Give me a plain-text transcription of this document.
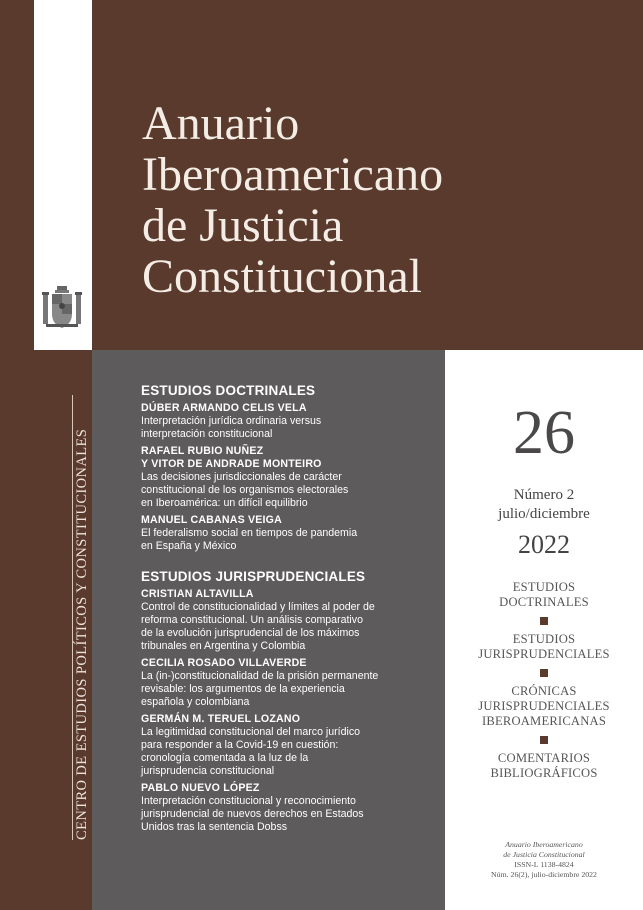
Anuario
Iberoamericano
de Justicia
Constitucional
CENTRO DE ESTUDIOS POLÍTICOS Y CONSTITUCIONALES
ESTUDIOS DOCTRINALES
DÚBER ARMANDO CELIS VELA
Interpretación jurídica ordinaria versus
interpretación constitucional
RAFAEL RUBIO NUÑEZ
Y VITOR DE ANDRADE MONTEIRO
Las decisiones jurisdiccionales de carácter
constitucional de los organismos electorales
en Iberoamérica: un difícil equilibrio
MANUEL CABANAS VEIGA
El federalismo social en tiempos de pandemia
en España y México
ESTUDIOS JURISPRUDENCIALES
CRISTIAN ALTAVILLA
Control de constitucionalidad y límites al poder de
reforma constitucional. Un análisis comparativo
de la evolución jurisprudencial de los máximos
tribunales en Argentina y Colombia
CECILIA ROSADO VILLAVERDE
La (in-)constitucionalidad de la prisión permanente
revisable: los argumentos de la experiencia
española y colombiana
GERMÁN M. TERUEL LOZANO
La legitimidad constitucional del marco jurídico
para responder a la Covid-19 en cuestión:
cronología comentada a la luz de la
jurisprudencia constitucional
PABLO NUEVO LÓPEZ
Interpretación constitucional y reconocimiento
jurisprudencial de nuevos derechos en Estados
Unidos tras la sentencia Dobss
26
Número 2
julio/diciembre
2022
ESTUDIOS
DOCTRINALES
ESTUDIOS
JURISPRUDENCIALES
CRÓNICAS
JURISPRUDENCIALES
IBEROAMERICANAS
COMENTARIOS
BIBLIOGRÁFICOS
Anuario Iberoamericano
de Justicia Constitucional
ISSN-L 1138-4824
Núm. 26(2), julio-diciembre 2022
